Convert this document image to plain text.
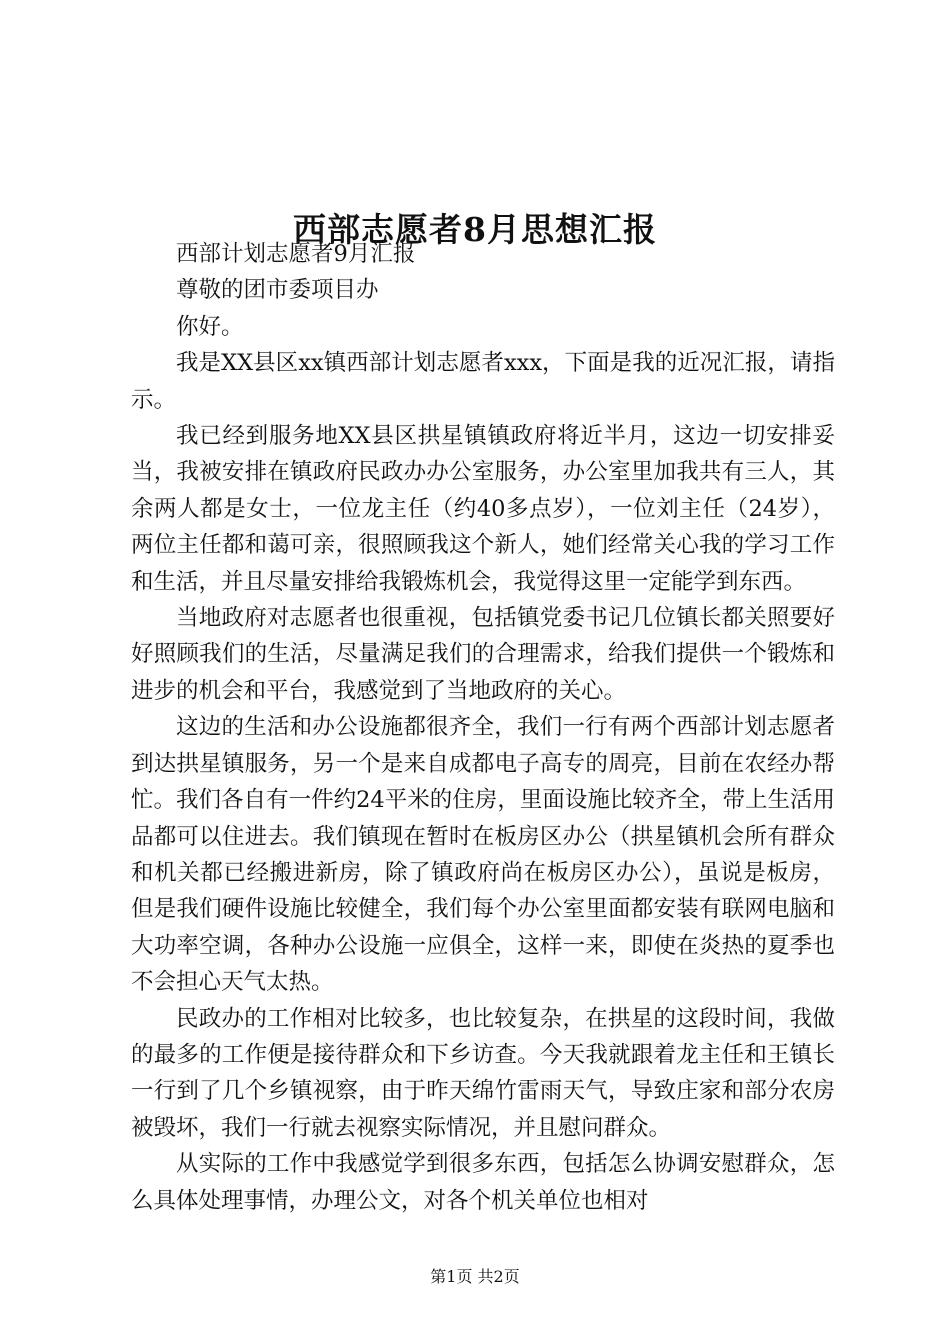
西部志愿者8月思想汇报

西部计划志愿者9月汇报

尊敬的团市委项目办

你好。

我是XX县区xx镇西部计划志愿者xxx，下面是我的近况汇报，请指示。

我已经到服务地XX县区拱星镇镇政府将近半月，这边一切安排妥当，我被安排在镇政府民政办办公室服务，办公室里加我共有三人，其余两人都是女士，一位龙主任（约40多点岁），一位刘主任（24岁），两位主任都和蔼可亲，很照顾我这个新人，她们经常关心我的学习工作和生活，并且尽量安排给我锻炼机会，我觉得这里一定能学到东西。

当地政府对志愿者也很重视，包括镇党委书记几位镇长都关照要好好照顾我们的生活，尽量满足我们的合理需求，给我们提供一个锻炼和进步的机会和平台，我感觉到了当地政府的关心。

这边的生活和办公设施都很齐全，我们一行有两个西部计划志愿者到达拱星镇服务，另一个是来自成都电子高专的周亮，目前在农经办帮忙。我们各自有一件约24平米的住房，里面设施比较齐全，带上生活用品都可以住进去。我们镇现在暂时在板房区办公（拱星镇机会所有群众和机关都已经搬进新房，除了镇政府尚在板房区办公），虽说是板房，但是我们硬件设施比较健全，我们每个办公室里面都安装有联网电脑和大功率空调，各种办公设施一应俱全，这样一来，即使在炎热的夏季也不会担心天气太热。

民政办的工作相对比较多，也比较复杂，在拱星的这段时间，我做的最多的工作便是接待群众和下乡访查。今天我就跟着龙主任和王镇长一行到了几个乡镇视察，由于昨天绵竹雷雨天气，导致庄家和部分农房被毁坏，我们一行就去视察实际情况，并且慰问群众。

从实际的工作中我感觉学到很多东西，包括怎么协调安慰群众，怎么具体处理事情，办理公文，对各个机关单位也相对

第1页 共2页
